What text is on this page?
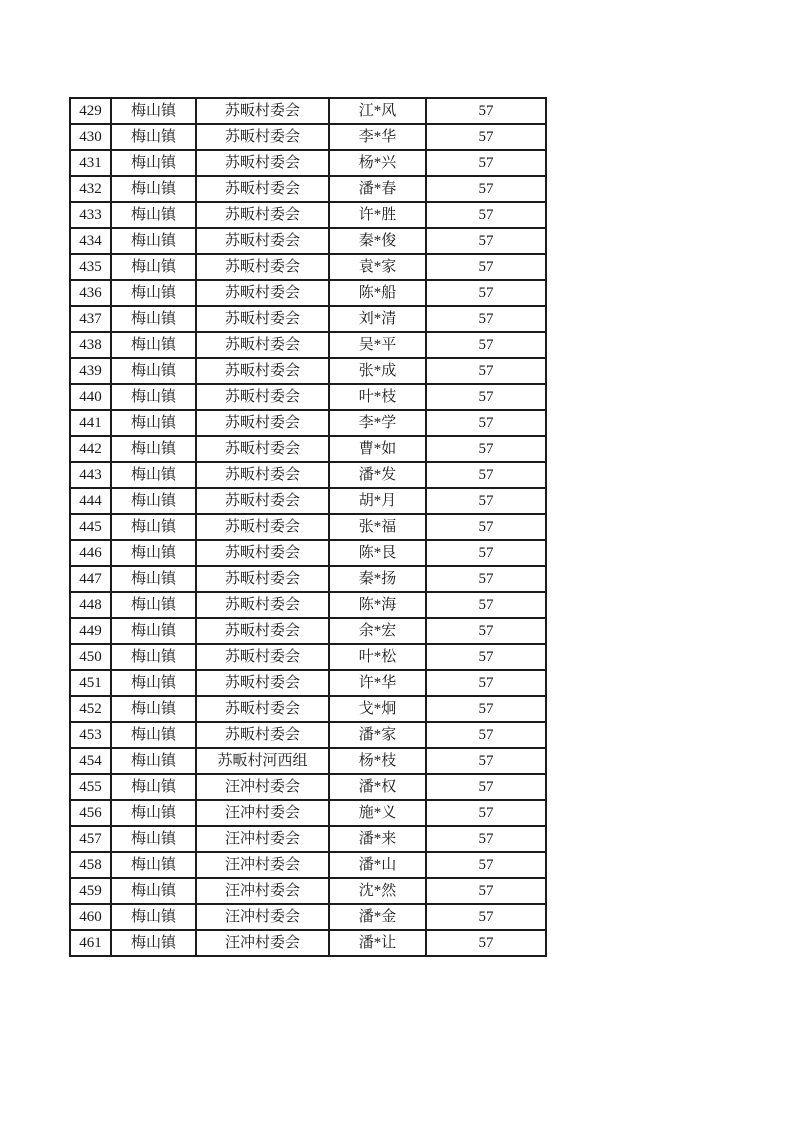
429	梅山镇	苏畈村委会	江*风	57
430	梅山镇	苏畈村委会	李*华	57
431	梅山镇	苏畈村委会	杨*兴	57
432	梅山镇	苏畈村委会	潘*春	57
433	梅山镇	苏畈村委会	许*胜	57
434	梅山镇	苏畈村委会	秦*俊	57
435	梅山镇	苏畈村委会	袁*家	57
436	梅山镇	苏畈村委会	陈*船	57
437	梅山镇	苏畈村委会	刘*清	57
438	梅山镇	苏畈村委会	吴*平	57
439	梅山镇	苏畈村委会	张*成	57
440	梅山镇	苏畈村委会	叶*枝	57
441	梅山镇	苏畈村委会	李*学	57
442	梅山镇	苏畈村委会	曹*如	57
443	梅山镇	苏畈村委会	潘*发	57
444	梅山镇	苏畈村委会	胡*月	57
445	梅山镇	苏畈村委会	张*福	57
446	梅山镇	苏畈村委会	陈*艮	57
447	梅山镇	苏畈村委会	秦*扬	57
448	梅山镇	苏畈村委会	陈*海	57
449	梅山镇	苏畈村委会	余*宏	57
450	梅山镇	苏畈村委会	叶*松	57
451	梅山镇	苏畈村委会	许*华	57
452	梅山镇	苏畈村委会	戈*炯	57
453	梅山镇	苏畈村委会	潘*家	57
454	梅山镇	苏畈村河西组	杨*枝	57
455	梅山镇	汪冲村委会	潘*权	57
456	梅山镇	汪冲村委会	施*义	57
457	梅山镇	汪冲村委会	潘*来	57
458	梅山镇	汪冲村委会	潘*山	57
459	梅山镇	汪冲村委会	沈*然	57
460	梅山镇	汪冲村委会	潘*金	57
461	梅山镇	汪冲村委会	潘*让	57
